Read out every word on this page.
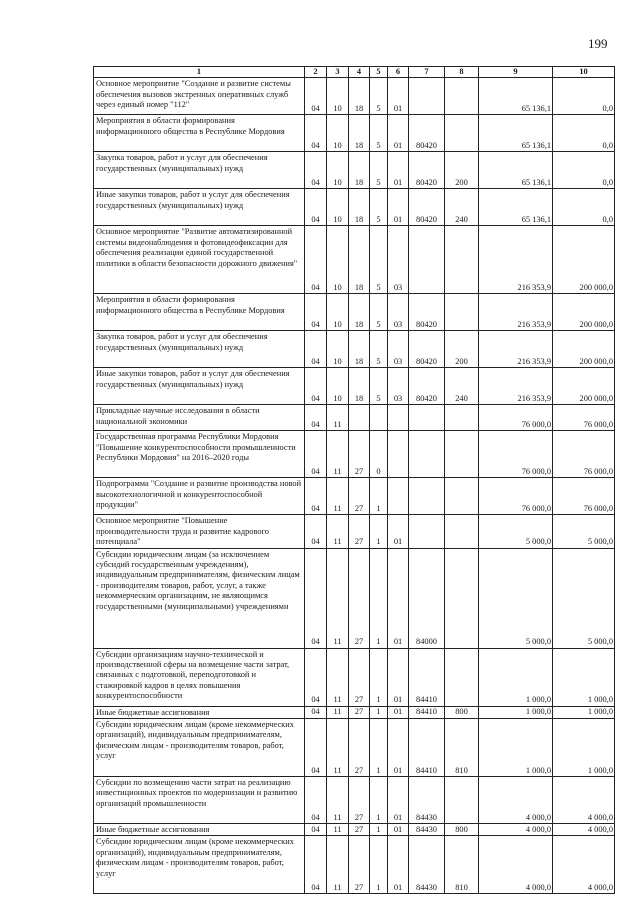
199
1	2	3	4	5	6	7	8	9	10
Основное мероприятие "Создание и развитие системы обеспечения вызовов экстренных оперативных служб через единый номер "112"	04	10	18	5	01			65 136,1	0,0
Мероприятия в области формирования информационного общества в Республике Мордовия	04	10	18	5	01	80420		65 136,1	0,0
Закупка товаров, работ и услуг для обеспечения государственных (муниципальных) нужд	04	10	18	5	01	80420	200	65 136,1	0,0
Иные закупки товаров, работ и услуг для обеспечения государственных (муниципальных) нужд	04	10	18	5	01	80420	240	65 136,1	0,0
Основное мероприятие "Развитие автоматизированной системы видеонаблюдения и фотовидеофиксации для обеспечения реализации единой государственной политики в области безопасности дорожного движения"	04	10	18	5	03			216 353,9	200 000,0
Мероприятия в области формирования информационного общества в Республике Мордовия	04	10	18	5	03	80420		216 353,9	200 000,0
Закупка товаров, работ и услуг для обеспечения государственных (муниципальных) нужд	04	10	18	5	03	80420	200	216 353,9	200 000,0
Иные закупки товаров, работ и услуг для обеспечения государственных (муниципальных) нужд	04	10	18	5	03	80420	240	216 353,9	200 000,0
Прикладные научные исследования в области национальной экономики	04	11						76 000,0	76 000,0
Государственная программа Республики Мордовия "Повышение конкурентоспособности промышленности Республики Мордовия" на 2016–2020 годы	04	11	27	0				76 000,0	76 000,0
Подпрограмма "Создание и развитие производства новой высокотехнологичной и конкурентоспособной продукции"	04	11	27	1				76 000,0	76 000,0
Основное мероприятие "Повышение производительности труда и развитие кадрового потенциала"	04	11	27	1	01			5 000,0	5 000,0
Субсидии юридическим лицам (за исключением субсидий государственным учреждениям), индивидуальным предпринимателям, физическим лицам - производителям товаров, работ, услуг, а также некоммерческим организациям, не являющимся государственными (муниципальными) учреждениями	04	11	27	1	01	84000		5 000,0	5 000,0
Субсидии организациям научно-технической и производственной сферы на возмещение части затрат, связанных с подготовкой, переподготовкой и стажировкой кадров в целях повышения конкурентоспособности	04	11	27	1	01	84410		1 000,0	1 000,0
Иные бюджетные ассигнования	04	11	27	1	01	84410	800	1 000,0	1 000,0
Субсидии юридическим лицам (кроме некоммерческих организаций), индивидуальным предпринимателям, физическим лицам - производителям товаров, работ, услуг	04	11	27	1	01	84410	810	1 000,0	1 000,0
Субсидии по возмещению части затрат на реализацию инвестиционных проектов по модернизации и развитию организаций промышленности	04	11	27	1	01	84430		4 000,0	4 000,0
Иные бюджетные ассигнования	04	11	27	1	01	84430	800	4 000,0	4 000,0
Субсидии юридическим лицам (кроме некоммерческих организаций), индивидуальным предпринимателям, физическим лицам - производителям товаров, работ, услуг	04	11	27	1	01	84430	810	4 000,0	4 000,0
